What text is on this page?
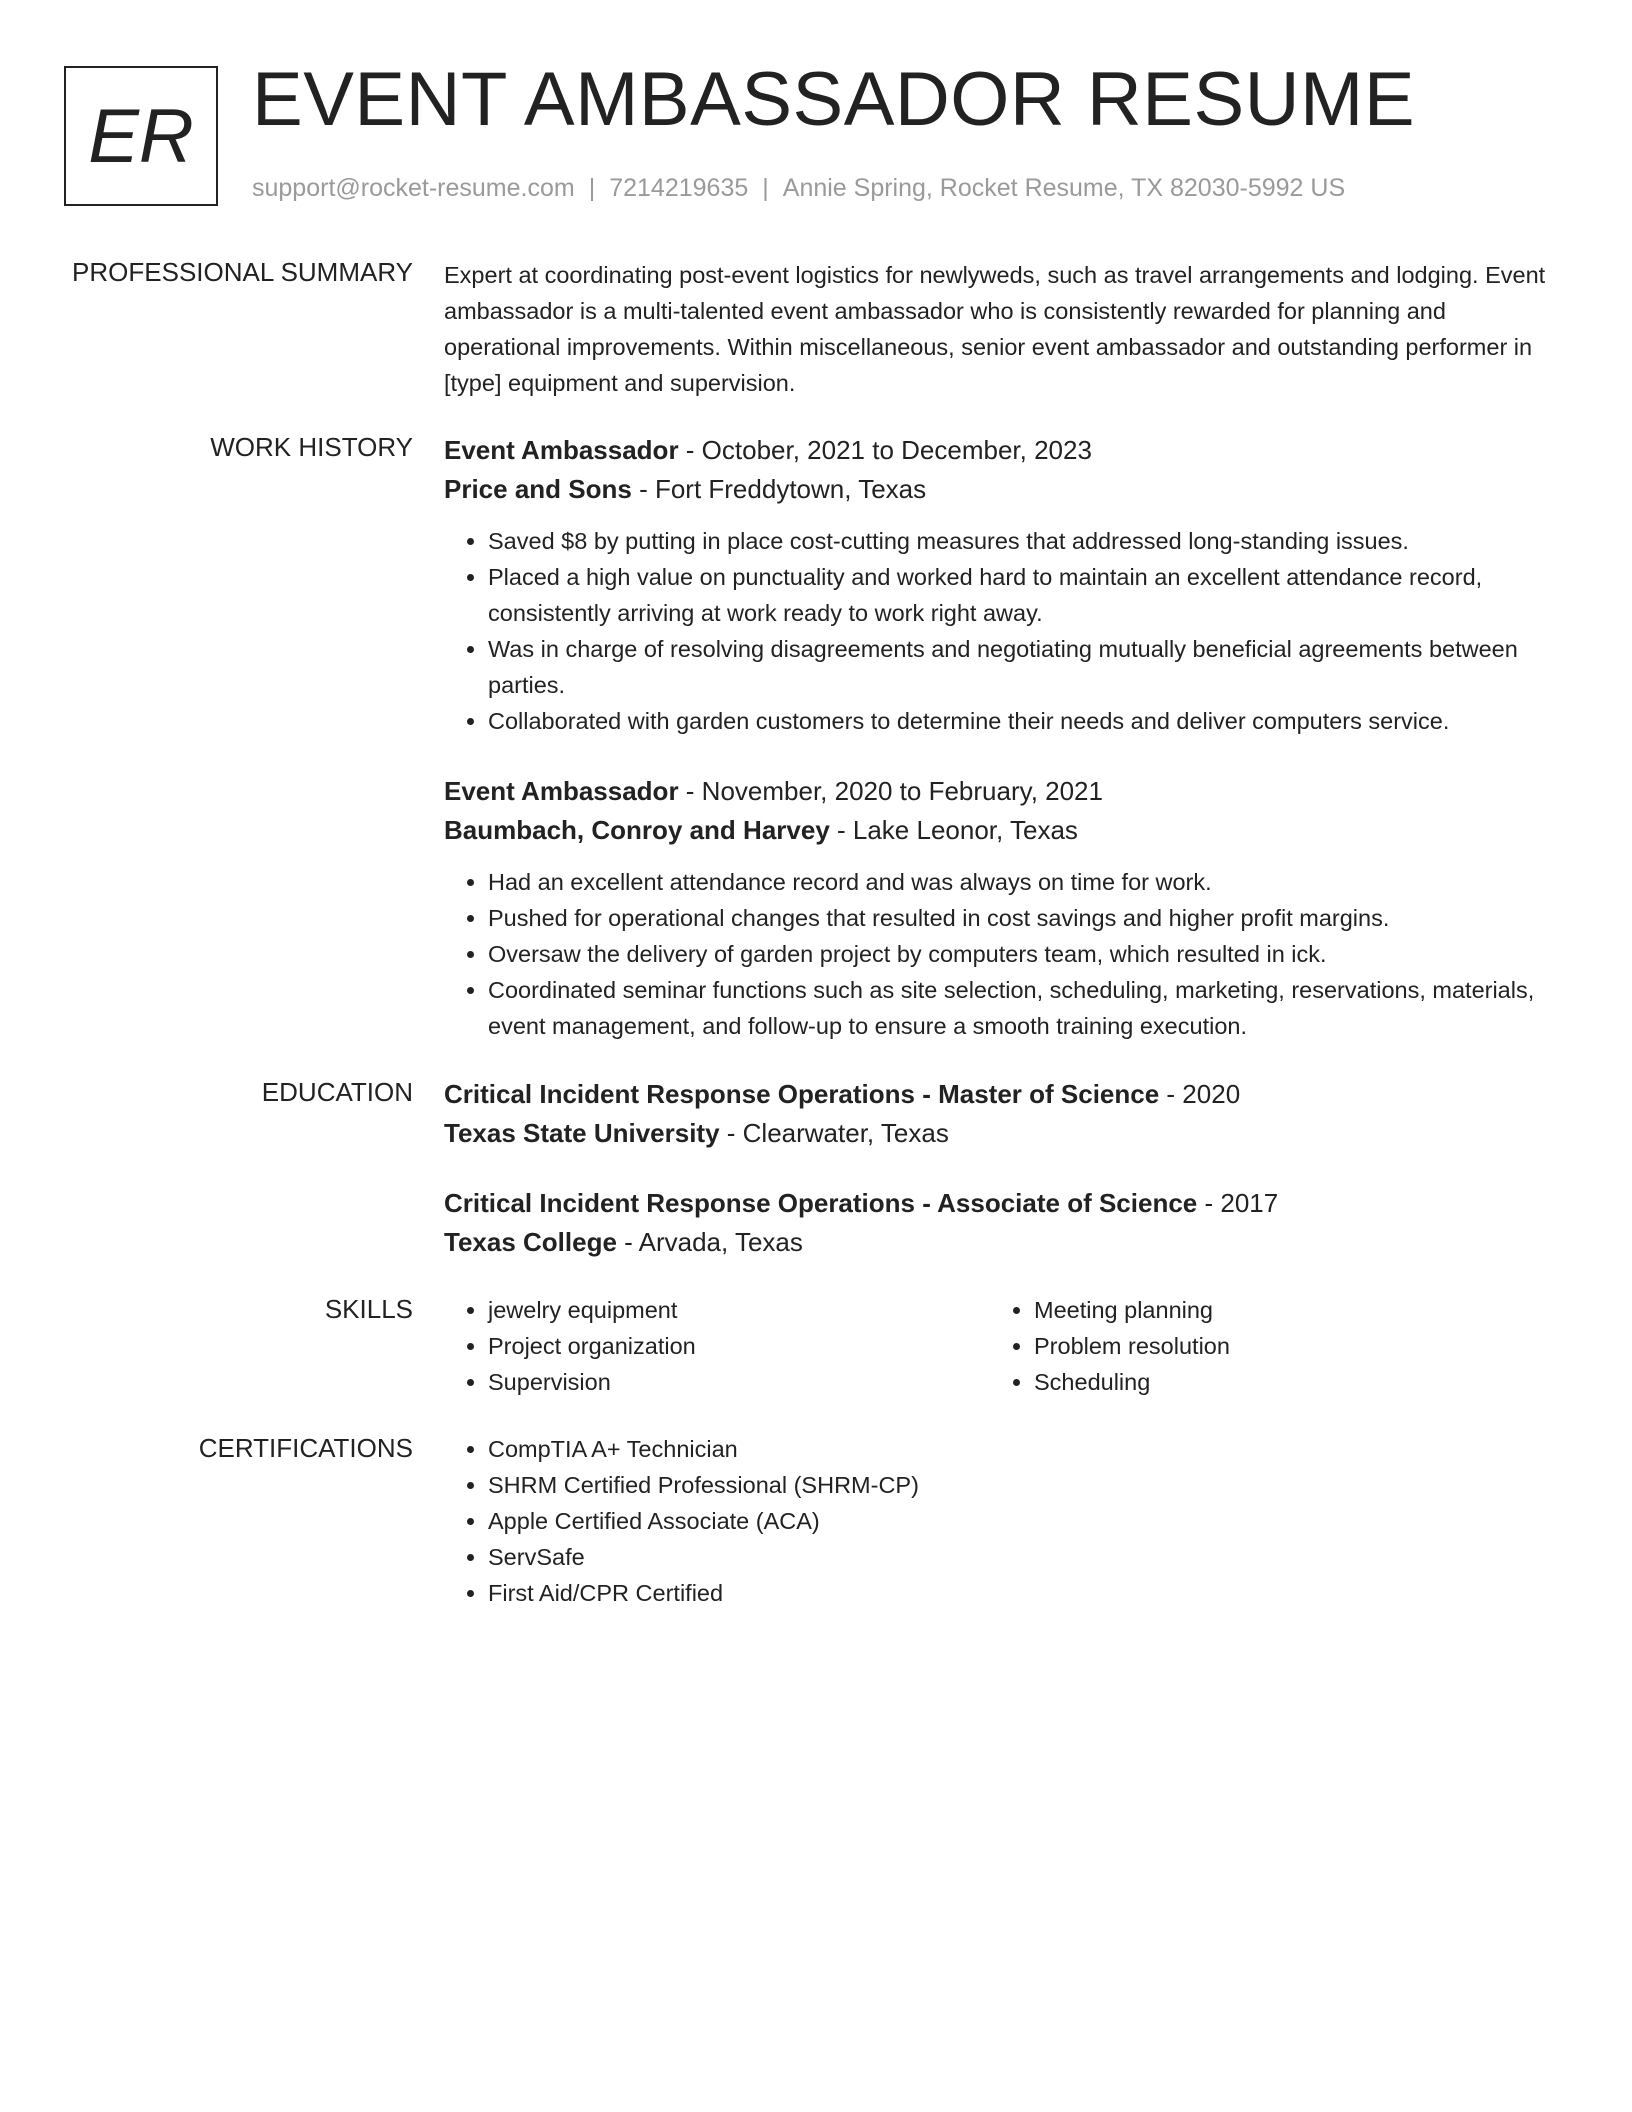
ER EVENT AMBASSADOR RESUME
support@rocket-resume.com | 7214219635 | Annie Spring, Rocket Resume, TX 82030-5992 US
PROFESSIONAL SUMMARY Expert at coordinating post-event logistics for newlyweds, such as travel arrangements and lodging. Event ambassador is a multi-talented event ambassador who is consistently rewarded for planning and operational improvements. Within miscellaneous, senior event ambassador and outstanding performer in [type] equipment and supervision.

WORK HISTORY Event Ambassador - October, 2021 to December, 2023
Price and Sons - Fort Freddytown, Texas
• Saved $8 by putting in place cost-cutting measures that addressed long-standing issues.
• Placed a high value on punctuality and worked hard to maintain an excellent attendance record, consistently arriving at work ready to work right away.
• Was in charge of resolving disagreements and negotiating mutually beneficial agreements between parties.
• Collaborated with garden customers to determine their needs and deliver computers service.
Event Ambassador - November, 2020 to February, 2021
Baumbach, Conroy and Harvey - Lake Leonor, Texas
• Had an excellent attendance record and was always on time for work.
• Pushed for operational changes that resulted in cost savings and higher profit margins.
• Oversaw the delivery of garden project by computers team, which resulted in ick.
• Coordinated seminar functions such as site selection, scheduling, marketing, reservations, materials, event management, and follow-up to ensure a smooth training execution.
EDUCATION Critical Incident Response Operations - Master of Science - 2020
Texas State University - Clearwater, Texas
Critical Incident Response Operations - Associate of Science - 2017
Texas College - Arvada, Texas
SKILLS	• jewelry equipment
• Project organization
• Supervision
• Meeting planning
• Problem resolution
• Scheduling
CERTIFICATIONS	• CompTIA A+ Technician
• SHRM Certified Professional (SHRM-CP)
• Apple Certified Associate (ACA)
• ServSafe
• First Aid/CPR Certified
